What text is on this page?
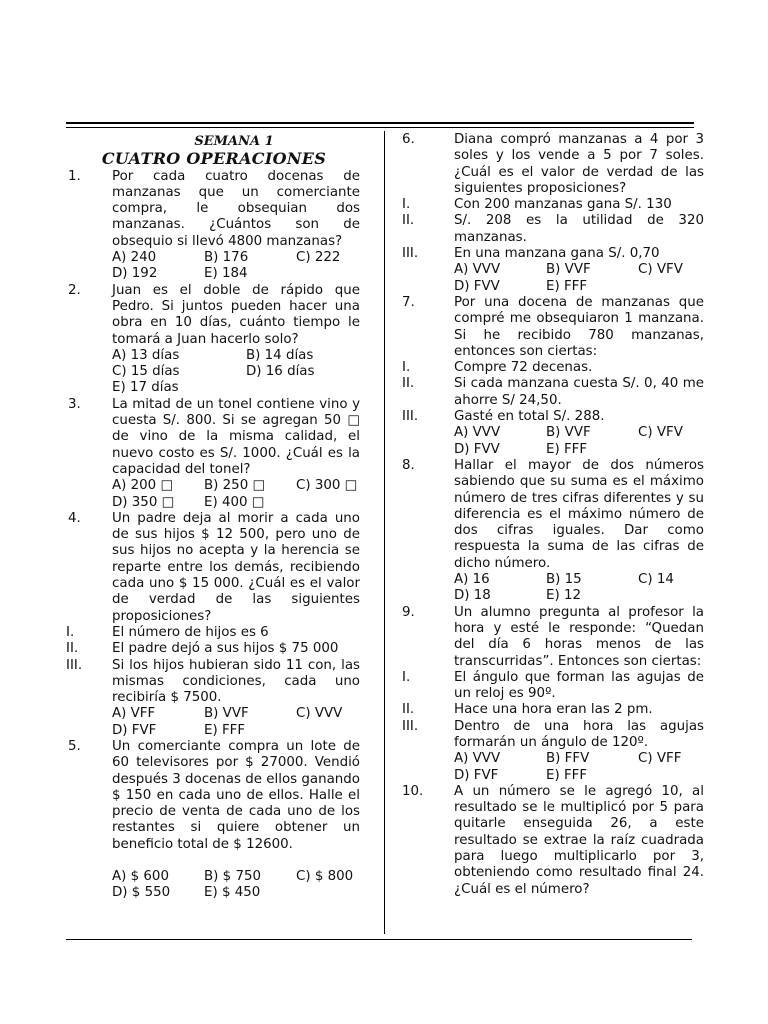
SEMANA 1
CUATRO OPERACIONES
1. Por cada cuatro docenas de manzanas que un comerciante compra, le obsequian dos manzanas. ¿Cuántos son de obsequio si llevó 4800 manzanas?
A) 240	B) 176	C) 222
D) 192	E) 184
2. Juan es el doble de rápido que Pedro. Si juntos pueden hacer una obra en 10 días, cuánto tiempo le tomará a Juan hacerlo solo?
A) 13 días	B) 14 días
C) 15 días	D) 16 días
E) 17 días
3. La mitad de un tonel contiene vino y cuesta S/. 800. Si se agregan 50 □ de vino de la misma calidad, el nuevo costo es S/. 1000. ¿Cuál es la capacidad del tonel?
A) 200 □	B) 250 □	C) 300 □
D) 350 □	E) 400 □
4. Un padre deja al morir a cada uno de sus hijos $ 12 500, pero uno de sus hijos no acepta y la herencia se reparte entre los demás, recibiendo cada uno $ 15 000. ¿Cuál es el valor de verdad de las siguientes proposiciones?
I.	El número de hijos es 6
II.	El padre dejó a sus hijos $ 75 000
III. Si los hijos hubieran sido 11 con, las mismas condiciones, cada uno recibiría $ 7500.
A) VFF	B) VVF	C) VVV
D) FVF	E) FFF
5. Un comerciante compra un lote de 60 televisores por $ 27000. Vendió después 3 docenas de ellos ganando $ 150 en cada uno de ellos. Halle el precio de venta de cada uno de los restantes si quiere obtener un beneficio total de $ 12600.
A) $ 600	B) $ 750	C) $ 800
D) $ 550	E) $ 450
6.	Diana compró manzanas a 4 por 3 soles y los vende a 5 por 7 soles. ¿Cuál es el valor de verdad de las siguientes proposiciones?
I.	Con 200 manzanas gana S/. 130
II.	S/. 208 es la utilidad de 320 manzanas.
III.	En una manzana gana S/. 0,70
A) VVV	B) VVF	C) VFV
D) FVV	E) FFF
7.	Por una docena de manzanas que compré me obsequiaron 1 manzana. Si he recibido 780 manzanas, entonces son ciertas:
I.	Compre 72 decenas.
II.	Si cada manzana cuesta S/. 0, 40 me ahorre S/ 24,50.
III.	Gasté en total S/. 288.
A) VVV	B) VVF	C) VFV
D) FVV	E) FFF
8.	Hallar el mayor de dos números sabiendo que su suma es el máximo número de tres cifras diferentes y su diferencia es el máximo número de dos cifras iguales. Dar como respuesta la suma de las cifras de dicho número.
A) 16	B) 15	C) 14
D) 18	E) 12
9.	Un alumno pregunta al profesor la hora y esté le responde: “Quedan del día 6 horas menos de las transcurridas”. Entonces son ciertas:
I.	El ángulo que forman las agujas de un reloj es 90º.
II.	Hace una hora eran las 2 pm.
III.	Dentro de una hora las agujas formarán un ángulo de 120º.
A) VVV	B) FFV	C) VFF
D) FVF	E) FFF
10. A un número se le agregó 10, al resultado se le multiplicó por 5 para quitarle enseguida 26, a este resultado se extrae la raíz cuadrada para luego multiplicarlo por 3, obteniendo como resultado final 24. ¿Cuál es el número?
